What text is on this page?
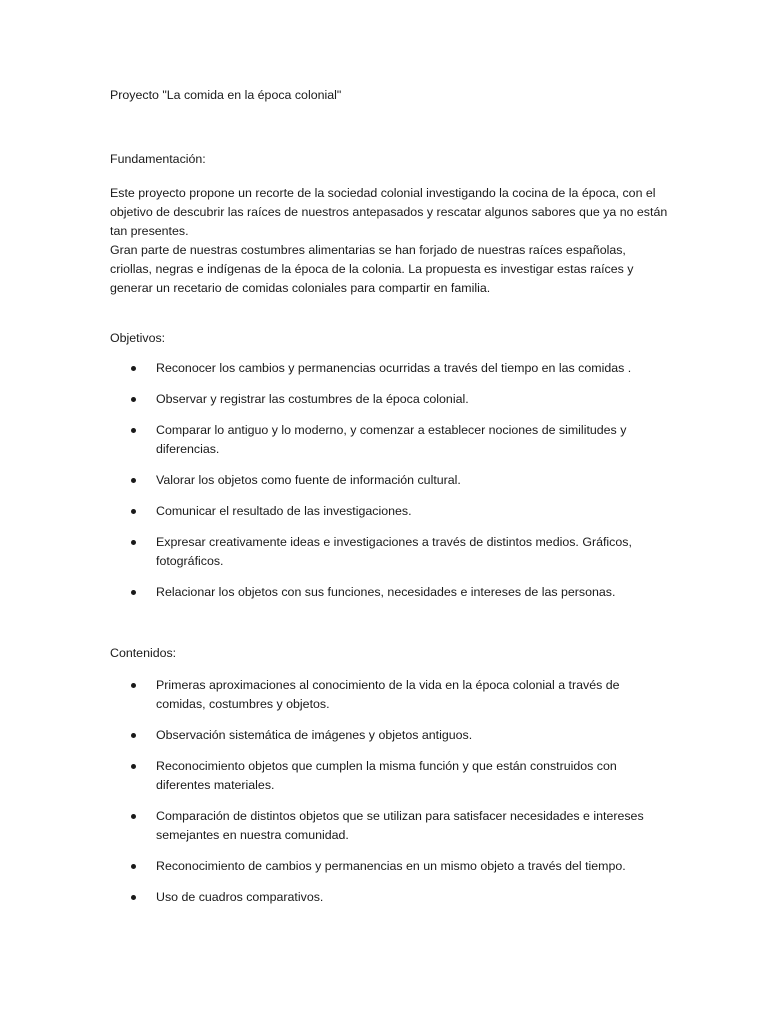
Proyecto "La comida en la época colonial"
Fundamentación:

Este proyecto propone un recorte de la sociedad colonial investigando la cocina de la época, con el objetivo de descubrir las raíces de nuestros antepasados y rescatar algunos sabores que ya no están tan presentes.

Gran parte de nuestras costumbres alimentarias se han forjado de nuestras raíces españolas, criollas, negras e indígenas de la época de la colonia. La propuesta es investigar estas raíces y generar un recetario de comidas coloniales para compartir en familia.

Objetivos:
Reconocer los cambios y permanencias ocurridas a través del tiempo en las comidas .
Observar y registrar las costumbres de la época colonial.
Comparar lo antiguo y lo moderno, y comenzar a establecer nociones de similitudes y diferencias.
Valorar los objetos como fuente de información cultural.
Comunicar el resultado de las investigaciones.
Expresar creativamente ideas e investigaciones a través de distintos medios. Gráficos, fotográficos.
Relacionar los objetos con sus funciones, necesidades e intereses de las personas.
Contenidos:
Primeras aproximaciones al conocimiento de la vida en la época colonial a través de comidas, costumbres y objetos.
Observación sistemática de imágenes y objetos antiguos.
Reconocimiento objetos que cumplen la misma función y que están construidos con diferentes materiales.
Comparación de distintos objetos que se utilizan para satisfacer necesidades e intereses semejantes en nuestra comunidad.
Reconocimiento de cambios y permanencias en un mismo objeto a través del tiempo.
Uso de cuadros comparativos.
